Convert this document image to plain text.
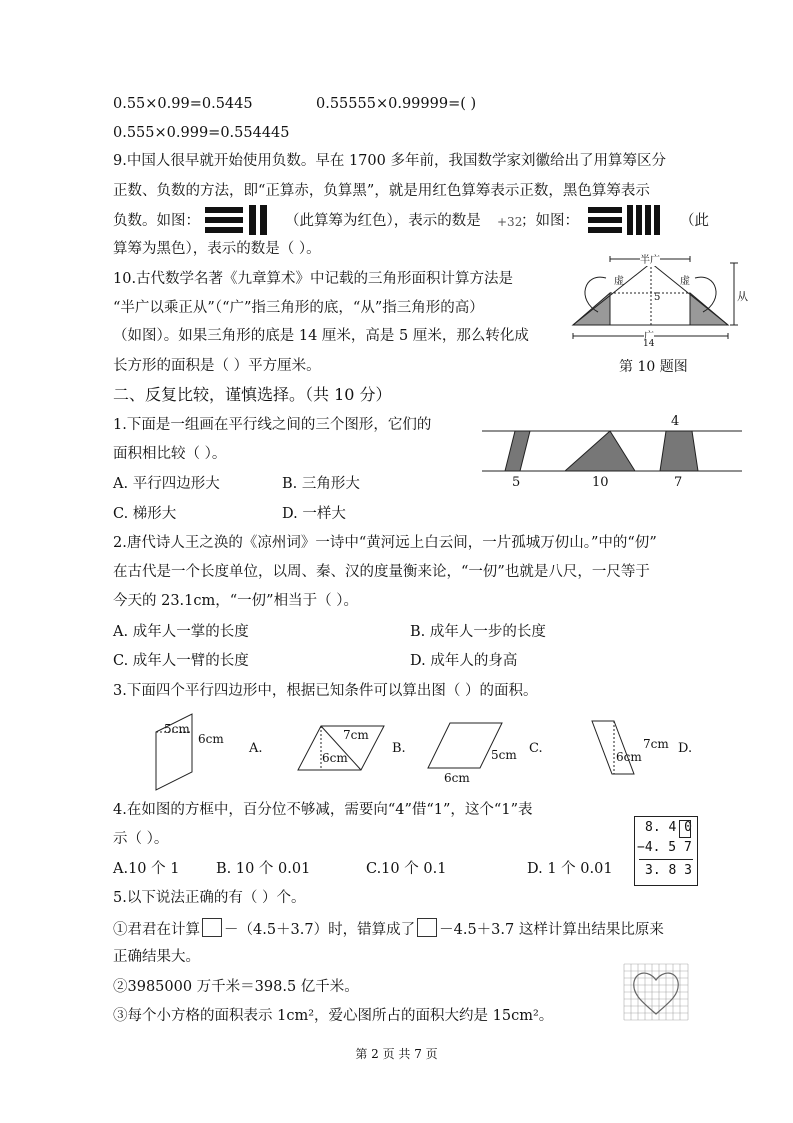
0.55×0.99=0.5445	0.55555×0.99999=( )
0.555×0.999=0.554445
9.中国人很早就开始使用负数。早在 1700 多年前，我国数学家刘徽给出了用算筹区分
正数、负数的方法，即“正算赤，负算黑”，就是用红色算筹表示正数，黑色算筹表示
负数。如图：	（此算筹为红色），表示的数是 +32
；如图：	（此
算筹为黑色），表示的数是（ ）。
10.古代数学名著《九章算术》中记载的三角形面积计算方法是
“半广以乘正从”（“广”指三角形的底，“从”指三角形的高）
（如图）。如果三角形的底是 14 厘米，高是 5 厘米，那么转化成
长方形的面积是（ ）平方厘米。
半广
虚	虚
5	从
广
14
第 10 题图
二、反复比较，谨慎选择。（共 10 分）
1.下面是一组画在平行线之间的三个图形，它们的
面积相比较（ ）。
A. 平行四边形大	B. 三角形大
C. 梯形大	D. 一样大
4
5	10	7
2.唐代诗人王之涣的《凉州词》一诗中“黄河远上白云间，一片孤城万仞山。”中的“仞”
在古代是一个长度单位，以周、秦、汉的度量衡来论，“一仞”也就是八尺，一尺等于
今天的 23.1cm，“一仞”相当于（ ）。
A. 成年人一掌的长度	B. 成年人一步的长度
C. 成年人一臂的长度	D. 成年人的身高
3.下面四个平行四边形中，根据已知条件可以算出图（ ）的面积。
5cm
6cm
A.
7cm
6cm
B.	5cm
6cm
C.	7cm
6cm
D.
4.在如图的方框中，百分位不够减，需要向“4”借“1”，这个“1”表
示（ ）。
A.10 个 1	B. 10 个 0.01	C.10 个 0.1	D. 1 个 0.01
8. 4 0
−4. 5 7
3. 8 3
5.以下说法正确的有（ ）个。
①君君在计算 －（4.5＋3.7）时，错算成了 －4.5＋3.7 这样计算出结果比原来
正确结果大。
②3985000 万千米＝398.5 亿千米。
③每个小方格的面积表示 1cm²，爱心图所占的面积大约是 15cm²。
第 2 页 共 7 页
